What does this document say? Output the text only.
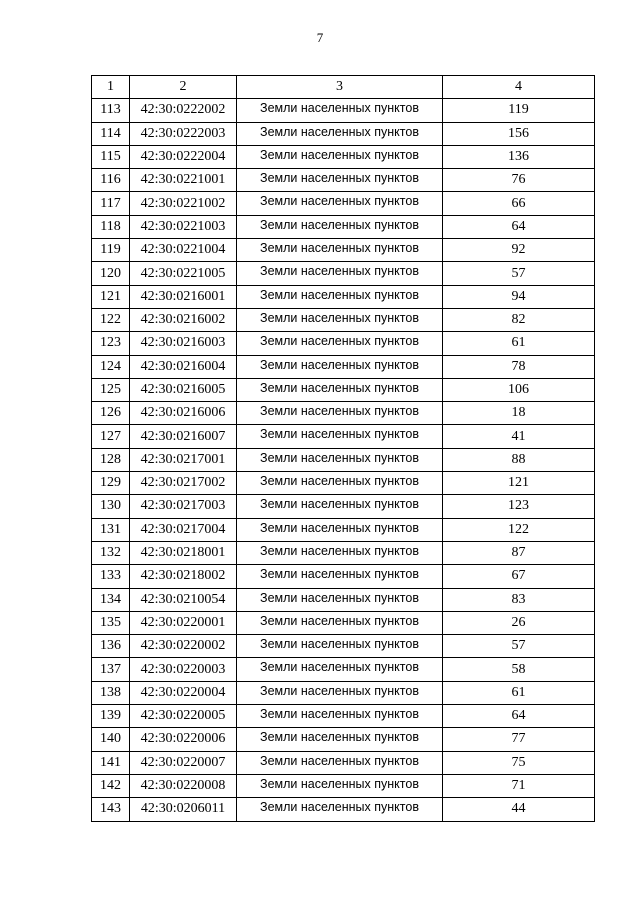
7
1	2	3	4
113	42:30:0222002	Земли населенных пунктов	119
114	42:30:0222003	Земли населенных пунктов	156
115	42:30:0222004	Земли населенных пунктов	136
116	42:30:0221001	Земли населенных пунктов	76
117	42:30:0221002	Земли населенных пунктов	66
118	42:30:0221003	Земли населенных пунктов	64
119	42:30:0221004	Земли населенных пунктов	92
120	42:30:0221005	Земли населенных пунктов	57
121	42:30:0216001	Земли населенных пунктов	94
122	42:30:0216002	Земли населенных пунктов	82
123	42:30:0216003	Земли населенных пунктов	61
124	42:30:0216004	Земли населенных пунктов	78
125	42:30:0216005	Земли населенных пунктов	106
126	42:30:0216006	Земли населенных пунктов	18
127	42:30:0216007	Земли населенных пунктов	41
128	42:30:0217001	Земли населенных пунктов	88
129	42:30:0217002	Земли населенных пунктов	121
130	42:30:0217003	Земли населенных пунктов	123
131	42:30:0217004	Земли населенных пунктов	122
132	42:30:0218001	Земли населенных пунктов	87
133	42:30:0218002	Земли населенных пунктов	67
134	42:30:0210054	Земли населенных пунктов	83
135	42:30:0220001	Земли населенных пунктов	26
136	42:30:0220002	Земли населенных пунктов	57
137	42:30:0220003	Земли населенных пунктов	58
138	42:30:0220004	Земли населенных пунктов	61
139	42:30:0220005	Земли населенных пунктов	64
140	42:30:0220006	Земли населенных пунктов	77
141	42:30:0220007	Земли населенных пунктов	75
142	42:30:0220008	Земли населенных пунктов	71
143	42:30:0206011	Земли населенных пунктов	44
